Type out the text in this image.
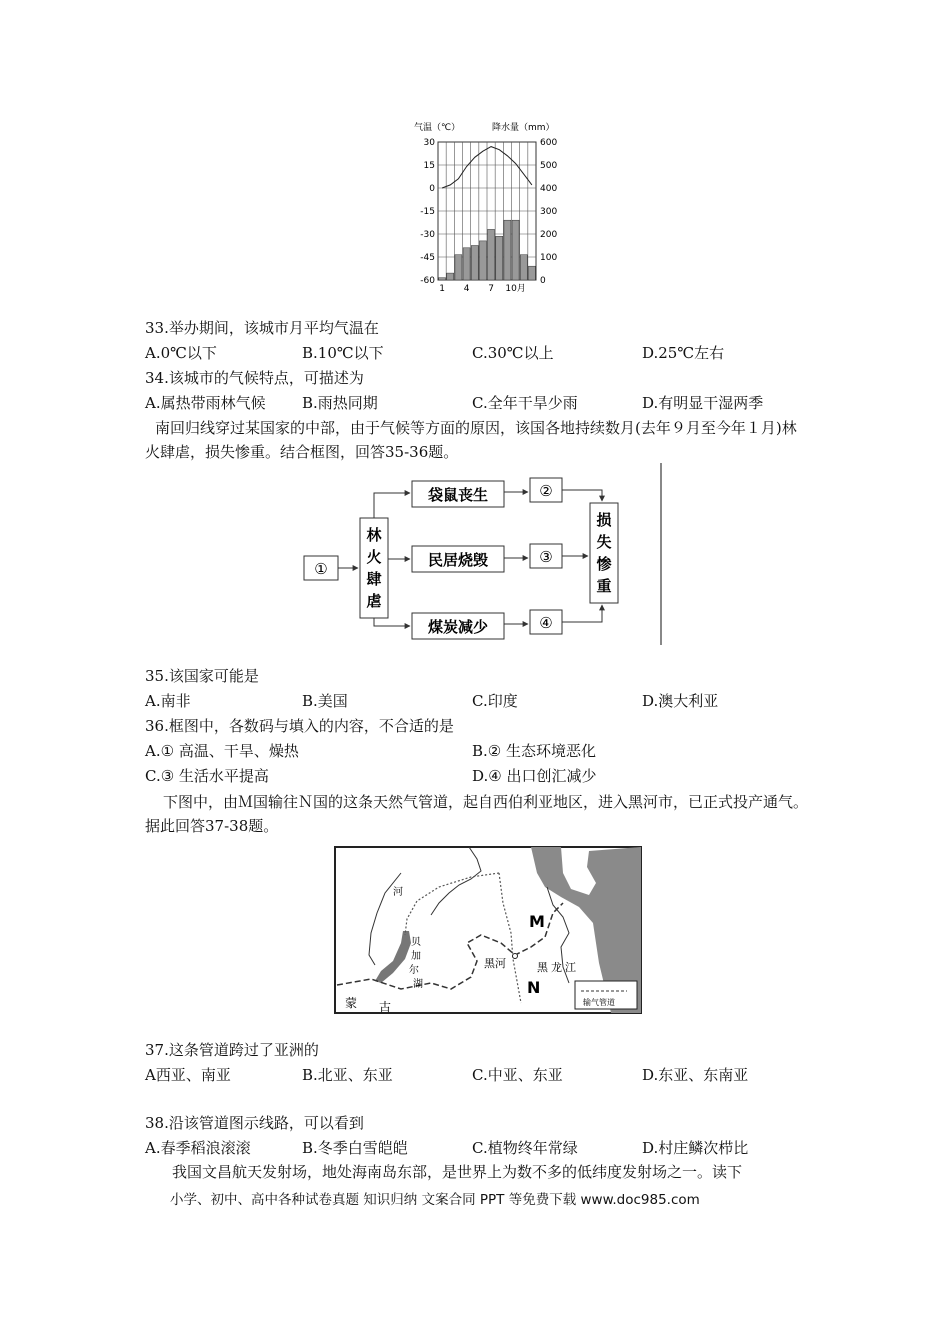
气温（℃）	降水量（mm）
30
15
0
-15
-30
-45
-60
600
500
400
300
200
100
0
1 4 7 10月
33.举办期间，该城市月平均气温在
A.0℃以下	B.10℃以下	C.30℃以上	D.25℃左右
34.该城市的气候特点，可描述为
A.属热带雨林气候 B.雨热同期	C.全年干旱少雨	D.有明显干湿两季
南回归线穿过某国家的中部，由于气候等方面的原因，该国各地持续数月(去年９月至今年１月)林火肆虐，损失惨重。结合框图，回答35-36题。
①
林
火
肆
虐
袋鼠丧生
民居烧毁
煤炭减少
②
③
④
损
失
惨
重
35.该国家可能是
A.南非	B.美国	C.印度	D.澳大利亚
36.框图中，各数码与填入的内容，不合适的是
A.① 高温、干旱、燥热	B.② 生态环境恶化
C.③ 生活水平提高	D.④ 出口创汇减少
下图中，由Ｍ国输往Ｎ国的这条天然气管道，起自西伯利亚地区，进入黑河市，已正式投产通气。据此回答37-38题。
M
N
黑河	黑 龙 江
贝
加
尔
湖
河
蒙 古	输气管道
37.这条管道跨过了亚洲的
A西亚、南亚	B.北亚、东亚	C.中亚、东亚	D.东亚、东南亚
38.沿该管道图示线路，可以看到
A.春季稻浪滚滚	B.冬季白雪皑皑	C.植物终年常绿	D.村庄鳞次栉比
我国文昌航天发射场，地处海南岛东部，是世界上为数不多的低纬度发射场之一。读下
小学、初中、高中各种试卷真题 知识归纳 文案合同 PPT 等免费下载 www.doc985.com
